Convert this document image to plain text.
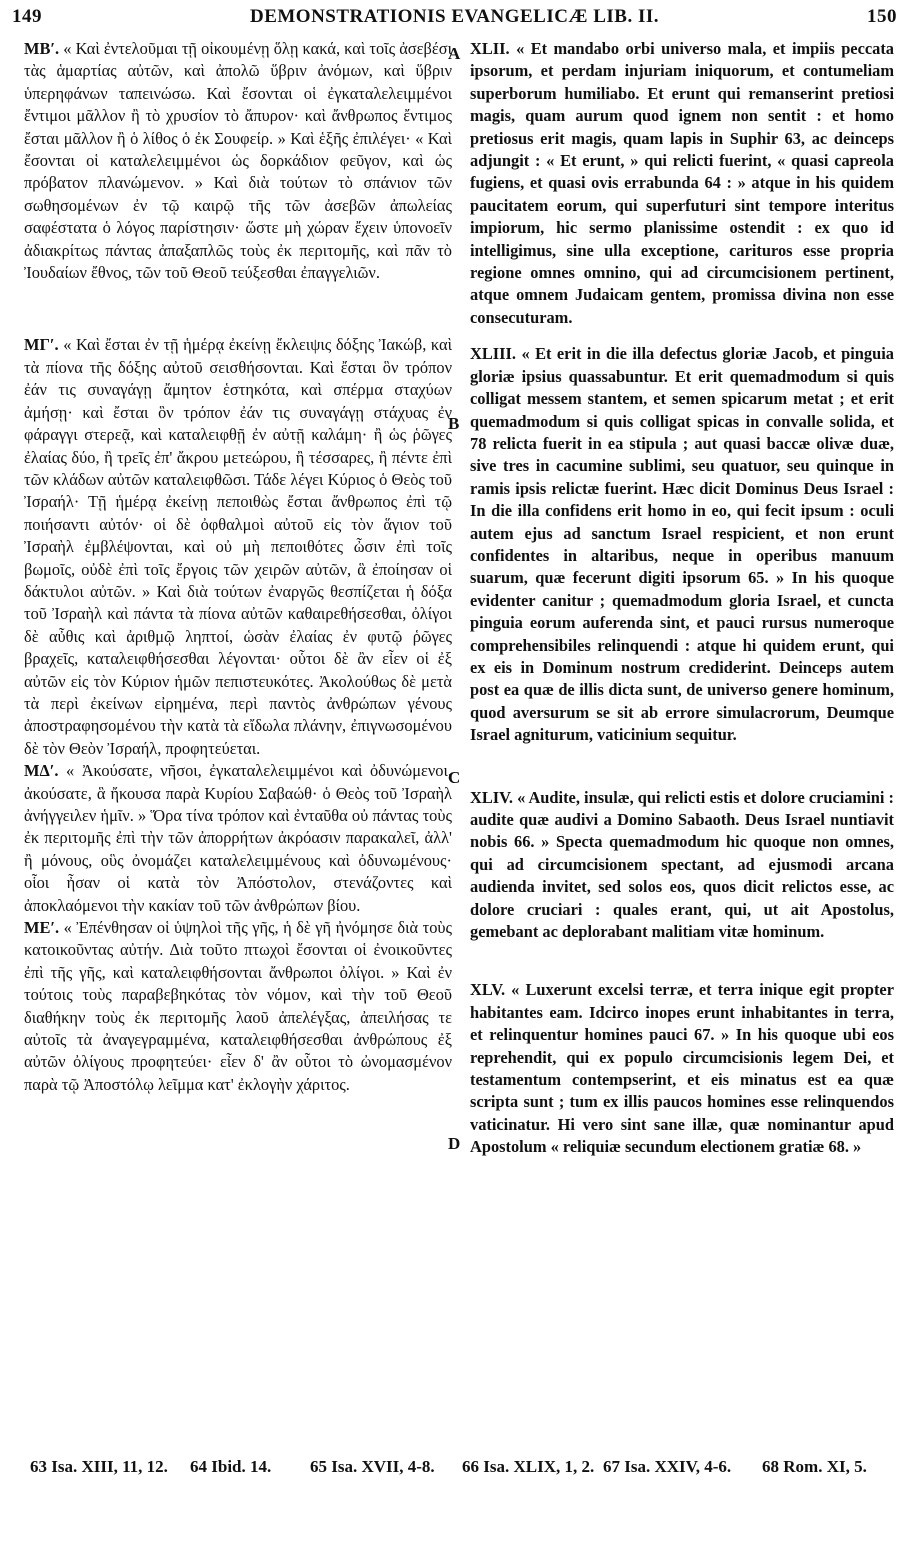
DEMONSTRATIONIS EVANGELICÆ LIB. II.
149	150

ΜΒʹ. « Καὶ ἐντελοῦμαι τῇ οἰκουμένῃ ὅλῃ κακά, καὶ τοῖς ἀσεβέσι τὰς ἁμαρτίας αὐτῶν, καὶ ἀπολῶ ὕβριν ἀνόμων, καὶ ὕβριν ὑπερηφάνων ταπεινώσω. Καὶ ἔσονται οἱ ἐγκαταλελειμμένοι ἔντιμοι μᾶλλον ἢ τὸ χρυσίον τὸ ἄπυρον· καὶ ἄνθρωπος ἔντιμος ἔσται μᾶλλον ἢ ὁ λίθος ὁ ἐκ Σουφείρ. » Καὶ ἑξῆς ἐπιλέγει· « Καὶ ἔσονται οἱ καταλελειμμένοι ὡς δορκάδιον φεῦγον, καὶ ὡς πρόβατον πλανώμενον. » Καὶ διὰ τούτων τὸ σπάνιον τῶν σωθησομένων ἐν τῷ καιρῷ τῆς τῶν ἀσεβῶν ἀπωλείας σαφέστατα ὁ λόγος παρίστησιν· ὥστε μὴ χώραν ἔχειν ὑπονοεῖν ἀδιακρίτως πάντας ἀπαξαπλῶς τοὺς ἐκ περιτομῆς, καὶ πᾶν τὸ Ἰουδαίων ἔθνος, τῶν τοῦ Θεοῦ τεύξεσθαι ἐπαγγελιῶν.

ΜΓʹ. « Καὶ ἔσται ἐν τῇ ἡμέρᾳ ἐκείνῃ ἔκλειψις δόξης Ἰακώβ, καὶ τὰ πίονα τῆς δόξης αὐτοῦ σεισθήσονται. Καὶ ἔσται ὃν τρόπον ἐάν τις συναγάγῃ ἄμητον ἑστηκότα, καὶ σπέρμα σταχύων ἀμήσῃ· καὶ ἔσται ὃν τρόπον ἐάν τις συναγάγῃ στάχυας ἐν φάραγγι στερεᾷ, καὶ καταλειφθῇ ἐν αὐτῇ καλάμη· ἢ ὡς ῥῶγες ἐλαίας δύο, ἢ τρεῖς ἐπ' ἄκρου μετεώρου, ἢ τέσσαρες, ἢ πέντε ἐπὶ τῶν κλάδων αὐτῶν καταλειφθῶσι. Τάδε λέγει Κύριος ὁ Θεὸς τοῦ Ἰσραήλ· Τῇ ἡμέρᾳ ἐκείνῃ πεποιθὼς ἔσται ἄνθρωπος ἐπὶ τῷ ποιήσαντι αὐτόν· οἱ δὲ ὀφθαλμοὶ αὐτοῦ εἰς τὸν ἅγιον τοῦ Ἰσραὴλ ἐμβλέψονται, καὶ οὐ μὴ πεποιθότες ὦσιν ἐπὶ τοῖς βωμοῖς, οὐδὲ ἐπὶ τοῖς ἔργοις τῶν χειρῶν αὐτῶν, ἃ ἐποίησαν οἱ δάκτυλοι αὐτῶν. » Καὶ διὰ τούτων ἐναργῶς θεσπίζεται ἡ δόξα τοῦ Ἰσραὴλ καὶ πάντα τὰ πίονα αὐτῶν καθαιρεθήσεσθαι, ὀλίγοι δὲ αὖθις καὶ ἀριθμῷ ληπτοί, ὡσὰν ἐλαίας ἐν φυτῷ ῥῶγες βραχεῖς, καταλειφθήσεσθαι λέγονται· οὗτοι δὲ ἂν εἶεν οἱ ἐξ αὐτῶν εἰς τὸν Κύριον ἡμῶν πεπιστευκότες. Ἀκολούθως δὲ μετὰ τὰ περὶ ἐκείνων εἰρημένα, περὶ παντὸς ἀνθρώπων γένους ἀποστραφησομένου τὴν κατὰ τὰ εἴδωλα πλάνην, ἐπιγνωσομένου δὲ τὸν Θεὸν Ἰσραήλ, προφητεύεται.

ΜΔʹ. « Ἀκούσατε, νῆσοι, ἐγκαταλελειμμένοι καὶ ὀδυνώμενοι, ἀκούσατε, ἃ ἤκουσα παρὰ Κυρίου Σαβαώθ· ὁ Θεὸς τοῦ Ἰσραὴλ ἀνήγγειλεν ἡμῖν. » Ὅρα τίνα τρόπον καὶ ἐνταῦθα οὐ πάντας τοὺς ἐκ περιτομῆς ἐπὶ τὴν τῶν ἀπορρήτων ἀκρόασιν παρακαλεῖ, ἀλλ' ἢ μόνους, οὓς ὀνομάζει καταλελειμμένους καὶ ὀδυνωμένους· οἷοι ἦσαν οἱ κατὰ τὸν Ἀπόστολον, στενάζοντες καὶ ἀποκλαόμενοι τὴν κακίαν τοῦ τῶν ἀνθρώπων βίου.

ΜΕʹ. « Ἐπένθησαν οἱ ὑψηλοὶ τῆς γῆς, ἡ δὲ γῆ ἠνόμησε διὰ τοὺς κατοικοῦντας αὐτήν. Διὰ τοῦτο πτωχοὶ ἔσονται οἱ ἐνοικοῦντες ἐπὶ τῆς γῆς, καὶ καταλειφθήσονται ἄνθρωποι ὀλίγοι. » Καὶ ἐν τούτοις τοὺς παραβεβηκότας τὸν νόμον, καὶ τὴν τοῦ Θεοῦ διαθήκην τοὺς ἐκ περιτομῆς λαοῦ ἀπελέγξας, ἀπειλήσας τε αὐτοῖς τὰ ἀναγεγραμμένα, καταλειφθήσεσθαι ἀνθρώπους ἐξ αὐτῶν ὀλίγους προφητεύει· εἶεν δ' ἂν οὗτοι τὸ ὠνομασμένον παρὰ τῷ Ἀποστόλῳ λεῖμμα κατ' ἐκλογὴν χάριτος.

XLII. « Et mandabo orbi universo mala, et impiis peccata ipsorum, et perdam injuriam iniquorum, et contumeliam superborum humiliabo. Et erunt qui remanserint pretiosi magis, quam aurum quod ignem non sentit : et homo pretiosus erit magis, quam lapis in Suphir 63, ac deinceps adjungit : « Et erunt, » qui relicti fuerint, « quasi capreola fugiens, et quasi ovis errabunda 64 : » atque in his quidem paucitatem eorum, qui superfuturi sint tempore interitus impiorum, hic sermo planissime ostendit : ex quo id intelligimus, sine ulla exceptione, carituros esse propria regione omnes omnino, qui ad circumcisionem pertinent, atque omnem Judaicam gentem, promissa divina non esse consecuturam.

XLIII. « Et erit in die illa defectus gloriæ Jacob, et pinguia gloriæ ipsius quassabuntur. Et erit quemadmodum si quis colligat messem stantem, et semen spicarum metat ; et erit quemadmodum si quis colligat spicas in convalle solida, et 78 relicta fuerit in ea stipula ; aut quasi baccæ olivæ duæ, sive tres in cacumine sublimi, seu quatuor, seu quinque in ramis ipsis relictæ fuerint. Hæc dicit Dominus Deus Israel : In die illa confidens erit homo in eo, qui fecit ipsum : oculi autem ejus ad sanctum Israel respicient, et non erunt confidentes in altaribus, neque in operibus manuum suarum, quæ fecerunt digiti ipsorum 65. » In his quoque evidenter canitur ; quemadmodum gloria Israel, et cuncta pinguia eorum auferenda sint, et pauci rursus numeroque comprehensibiles relinquendi : atque hi quidem erunt, qui ex eis in Dominum nostrum crediderint. Deinceps autem post ea quæ de illis dicta sunt, de universo genere hominum, quod aversurum se sit ab errore simulacrorum, Deumque Israel agniturum, vaticinium sequitur.

XLIV. « Audite, insulæ, qui relicti estis et dolore cruciamini : audite quæ audivi a Domino Sabaoth. Deus Israel nuntiavit nobis 66. » Specta quemadmodum hic quoque non omnes, qui ad circumcisionem spectant, ad ejusmodi arcana audienda invitet, sed solos eos, quos dicit relictos esse, ac dolore cruciari : quales erant, qui, ut ait Apostolus, gemebant ac deplorabant malitiam vitæ hominum.

XLV. « Luxerunt excelsi terræ, et terra inique egit propter habitantes eam. Idcirco inopes erunt inhabitantes in terra, et relinquentur homines pauci 67. » In his quoque ubi eos reprehendit, qui ex populo circumcisionis legem Dei, et testamentum contempserint, et eis minatus est ea quæ scripta sunt ; tum ex illis paucos homines esse relinquendos vaticinatur. Hi vero sint sane illæ, quæ nominantur apud Apostolum « reliquiæ secundum electionem gratiæ 68. »

A
B
C
D
63 Isa. XIII, 11, 12. 64 Ibid. 14. 65 Isa. XVII, 4-8. 66 Isa. XLIX, 1, 2. 67 Isa. XXIV, 4-6. 68 Rom. XI, 5.
